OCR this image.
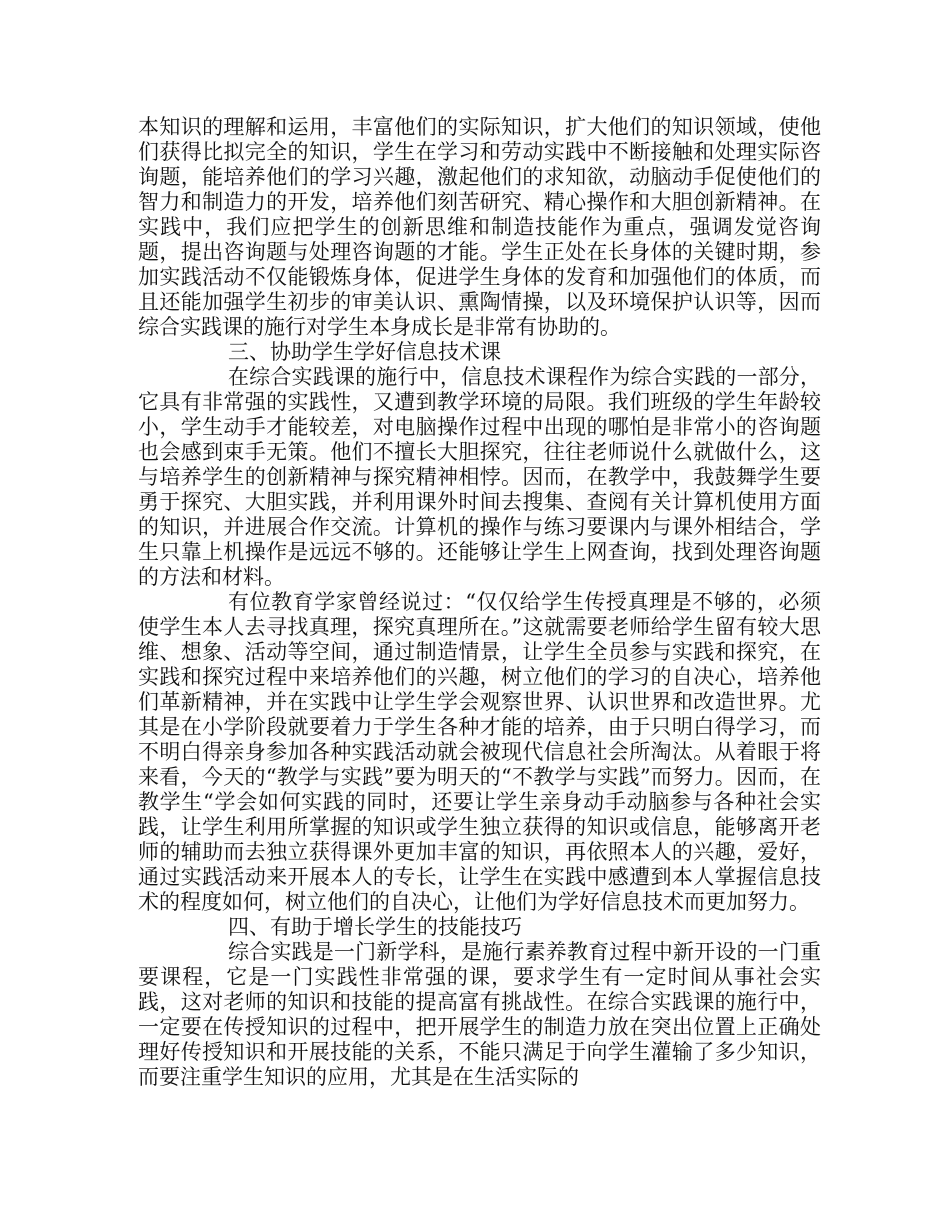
本知识的理解和运用，丰富他们的实际知识，扩大他们的知识领域，使他们获得比拟完全的知识，学生在学习和劳动实践中不断接触和处理实际咨询题，能培养他们的学习兴趣，激起他们的求知欲，动脑动手促使他们的智力和制造力的开发，培养他们刻苦研究、精心操作和大胆创新精神。在实践中，我们应把学生的创新思维和制造技能作为重点，强调发觉咨询题，提出咨询题与处理咨询题的才能。学生正处在长身体的关键时期，参加实践活动不仅能锻炼身体，促进学生身体的发育和加强他们的体质，而且还能加强学生初步的审美认识、熏陶情操，以及环境保护认识等，因而综合实践课的施行对学生本身成长是非常有协助的。

三、协助学生学好信息技术课

在综合实践课的施行中，信息技术课程作为综合实践的一部分，它具有非常强的实践性，又遭到教学环境的局限。我们班级的学生年龄较小，学生动手才能较差，对电脑操作过程中出现的哪怕是非常小的咨询题也会感到束手无策。他们不擅长大胆探究，往往老师说什么就做什么，这与培养学生的创新精神与探究精神相悖。因而，在教学中，我鼓舞学生要勇于探究、大胆实践，并利用课外时间去搜集、查阅有关计算机使用方面的知识，并进展合作交流。计算机的操作与练习要课内与课外相结合，学生只靠上机操作是远远不够的。还能够让学生上网查询，找到处理咨询题的方法和材料。

有位教育学家曾经说过：“仅仅给学生传授真理是不够的，必须使学生本人去寻找真理，探究真理所在。”这就需要老师给学生留有较大思维、想象、活动等空间，通过制造情景，让学生全员参与实践和探究，在实践和探究过程中来培养他们的兴趣，树立他们的学习的自决心，培养他们革新精神，并在实践中让学生学会观察世界、认识世界和改造世界。尤其是在小学阶段就要着力于学生各种才能的培养，由于只明白得学习，而不明白得亲身参加各种实践活动就会被现代信息社会所淘汰。从着眼于将来看，今天的“教学与实践”要为明天的“不教学与实践”而努力。因而，在教学生“学会如何实践的同时，还要让学生亲身动手动脑参与各种社会实践，让学生利用所掌握的知识或学生独立获得的知识或信息，能够离开老师的辅助而去独立获得课外更加丰富的知识，再依照本人的兴趣，爱好，通过实践活动来开展本人的专长，让学生在实践中感遭到本人掌握信息技术的程度如何，树立他们的自决心，让他们为学好信息技术而更加努力。

四、有助于增长学生的技能技巧

综合实践是一门新学科，是施行素养教育过程中新开设的一门重要课程，它是一门实践性非常强的课，要求学生有一定时间从事社会实践，这对老师的知识和技能的提高富有挑战性。在综合实践课的施行中，一定要在传授知识的过程中，把开展学生的制造力放在突出位置上正确处理好传授知识和开展技能的关系，不能只满足于向学生灌输了多少知识，而要注重学生知识的应用，尤其是在生活实际的
